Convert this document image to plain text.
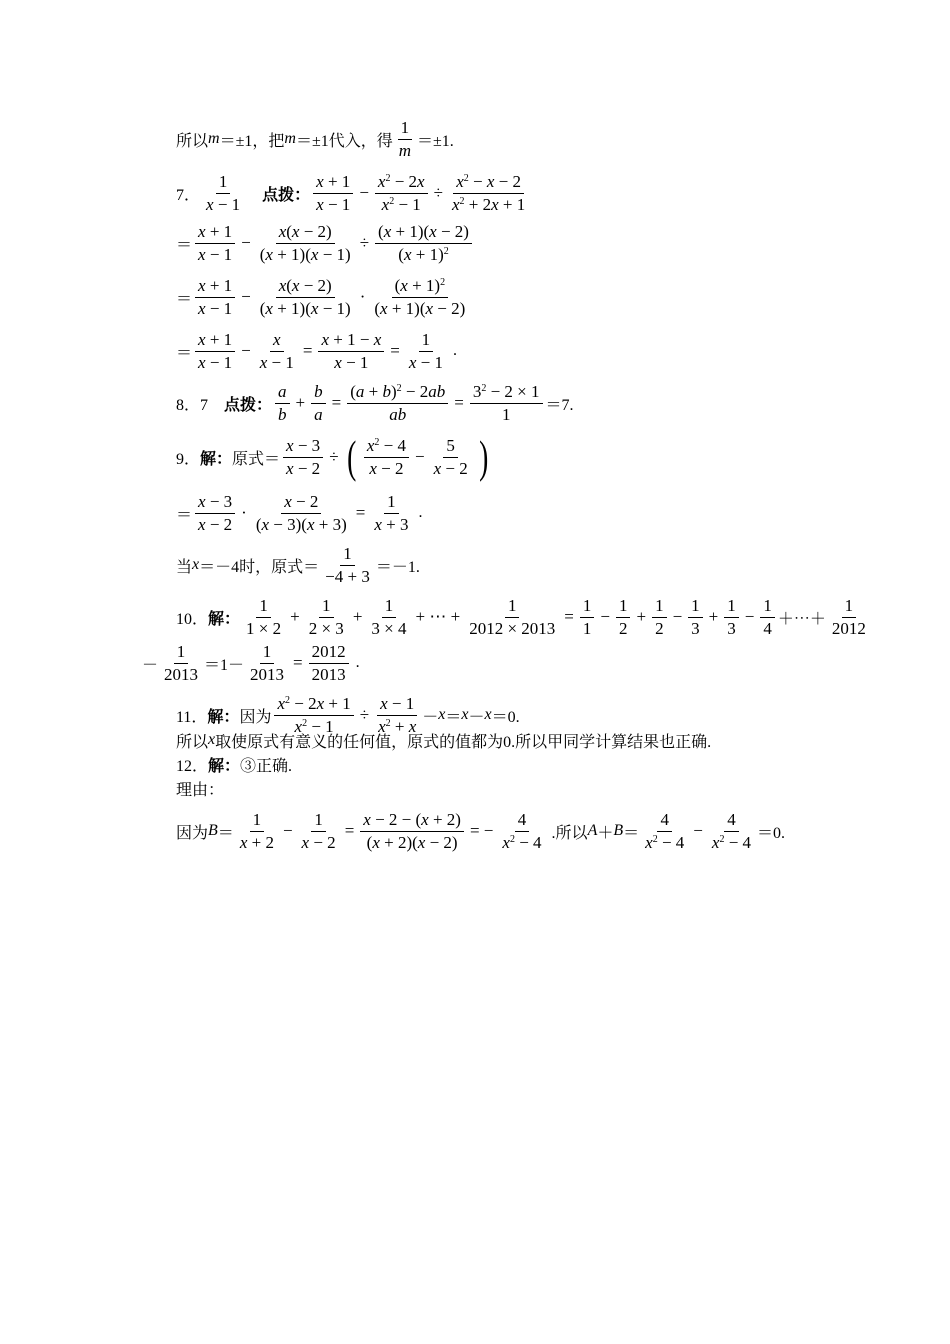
所以 m ＝±1，把 m ＝±1代入，得 $\frac{1}{m} =\pm 1$.
7． $\frac{1}{x - 1}$
点拨： $\frac{x + 1}{x - 1} - \frac{x^2 - 2x}{x^2 - 1} \div \frac{x^2 - x - 2}{x^2 + 2x + 1}$
＝ $\frac{x + 1}{x - 1} - \frac{x(x - 2)}{(x + 1)(x - 1)} \div \frac{(x + 1)(x - 2)}{(x + 1)^2}$
＝ $\frac{x + 1}{x - 1} - \frac{x(x - 2)}{(x + 1)(x - 1)} \cdot \frac{(x + 1)^2}{(x + 1)(x - 2)}$
＝ $\frac{x + 1}{x - 1} - \frac{x}{x - 1} = \frac{x + 1 - x}{x - 1} = \frac{1}{x - 1}$ .
8．7 点拨： $\frac{a}{b} + \frac{b}{a} = \frac{(a + b)^2 - 2ab}{ab} = \frac{3^2 - 2 \times 1}{1} =7$.
9． 解： 原式＝ $\frac{x - 3}{x - 2}$ ÷ ( $\frac{x^2 - 4}{x - 2} - \frac{5}{x - 2}$ )
＝ $\frac{x - 3}{x - 2} \cdot \frac{x - 2}{(x - 3)(x + 3)} = \frac{1}{x + 3}$ .
当 x ＝－4时，原式＝ $\frac{1}{-4 + 3} =-1$.
10． 解： $\frac{1}{1 \times 2} + \frac{1}{2 \times 3} + \frac{1}{3 \times 4}$ + ⋯ + $\frac{1}{2012 \times 2013} = \frac{1}{1} - \frac{1}{2} + \frac{1}{2} - \frac{1}{3} + \frac{1}{3} - \frac{1}{4}$ ＋⋯＋ $\frac{1}{2012}$
－ $\frac{1}{2013} =1- \frac{1}{2013} = \frac{2012}{2013}$ .
11． 解： 因为 $\frac{x^2 - 2x + 1}{x^2 - 1} \div \frac{x - 1}{x^2 + x} - x = x - x =0$.
所以 x 取使原式有意义的任何值，原式的值都为0.所以甲同学计算结果也正确.
12． 解： ③正确.
理由：
因为 $B = \frac{1}{x + 2} - \frac{1}{x - 2} = \frac{x - 2 - (x + 2)}{(x + 2)(x - 2)}$ = − $\frac{4}{x^2 - 4}$ .所以 $A + B = \frac{4}{x^2 - 4} - \frac{4}{x^2 - 4} =0$.
